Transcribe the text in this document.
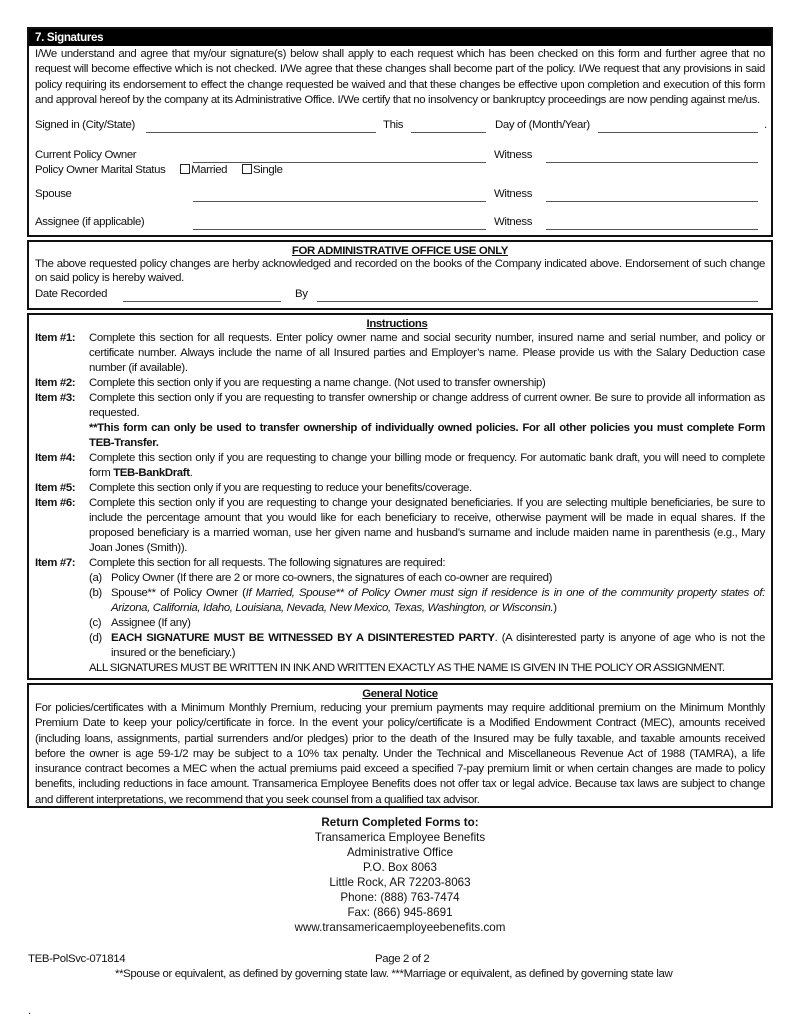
7. Signatures
I/We understand and agree that my/our signature(s) below shall apply to each request which has been checked on this form and further agree that no request will become effective which is not checked. I/We agree that these changes shall become part of the policy. I/We request that any provisions in said policy requiring its endorsement to effect the change requested be waived and that these changes be effective upon completion and execution of this form and approval hereof by the company at its Administrative Office. I/We certify that no insolvency or bankruptcy proceedings are now pending against me/us.
Signed in (City/State)	This	Day of (Month/Year)	.
Current Policy Owner	Witness
Policy Owner Marital Status	Married	Single
Spouse	Witness
Assignee (if applicable)	Witness
FOR ADMINISTRATIVE OFFICE USE ONLY
The above requested policy changes are herby acknowledged and recorded on the books of the Company indicated above. Endorsement of such change on said policy is hereby waived.
Date Recorded	By
Instructions
Item #1: Complete this section for all requests. Enter policy owner name and social security number, insured name and serial number, and policy or certificate number. Always include the name of all Insured parties and Employer’s name. Please provide us with the Salary Deduction case number (if available).
Item #2: Complete this section only if you are requesting a name change. (Not used to transfer ownership)
Item #3: Complete this section only if you are requesting to transfer ownership or change address of current owner. Be sure to provide all information as requested.
**This form can only be used to transfer ownership of individually owned policies. For all other policies you must complete Form TEB-Transfer.
Item #4: Complete this section only if you are requesting to change your billing mode or frequency. For automatic bank draft, you will need to complete form TEB-BankDraft.
Item #5: Complete this section only if you are requesting to reduce your benefits/coverage.
Item #6: Complete this section only if you are requesting to change your designated beneficiaries. If you are selecting multiple beneficiaries, be sure to include the percentage amount that you would like for each beneficiary to receive, otherwise payment will be made in equal shares. If the proposed beneficiary is a married woman, use her given name and husband’s surname and include maiden name in parenthesis (e.g., Mary Joan Jones (Smith)).
Item #7: Complete this section for all requests. The following signatures are required:
(a) Policy Owner (If there are 2 or more co-owners, the signatures of each co-owner are required)
(b) Spouse** of Policy Owner (If Married, Spouse** of Policy Owner must sign if residence is in one of the community property states of: Arizona, California, Idaho, Louisiana, Nevada, New Mexico, Texas, Washington, or Wisconsin.)
(c) Assignee (If any)
(d) EACH SIGNATURE MUST BE WITNESSED BY A DISINTERESTED PARTY. (A disinterested party is anyone of age who is not the insured or the beneficiary.)
ALL SIGNATURES MUST BE WRITTEN IN INK AND WRITTEN EXACTLY AS THE NAME IS GIVEN IN THE POLICY OR ASSIGNMENT.
General Notice
For policies/certificates with a Minimum Monthly Premium, reducing your premium payments may require additional premium on the Minimum Monthly Premium Date to keep your policy/certificate in force. In the event your policy/certificate is a Modified Endowment Contract (MEC), amounts received (including loans, assignments, partial surrenders and/or pledges) prior to the death of the Insured may be fully taxable, and taxable amounts received before the owner is age 59-1/2 may be subject to a 10% tax penalty. Under the Technical and Miscellaneous Revenue Act of 1988 (TAMRA), a life insurance contract becomes a MEC when the actual premiums paid exceed a specified 7-pay premium limit or when certain changes are made to policy benefits, including reductions in face amount. Transamerica Employee Benefits does not offer tax or legal advice. Because tax laws are subject to change and different interpretations, we recommend that you seek counsel from a qualified tax advisor.
Return Completed Forms to:
Transamerica Employee Benefits
Administrative Office
P.O. Box 8063
Little Rock, AR 72203-8063
Phone: (888) 763-7474
Fax: (866) 945-8691
www.transamericaemployeebenefits.com
TEB-PolSvc-071814	Page 2 of 2
**Spouse or equivalent, as defined by governing state law. ***Marriage or equivalent, as defined by governing state law
.
